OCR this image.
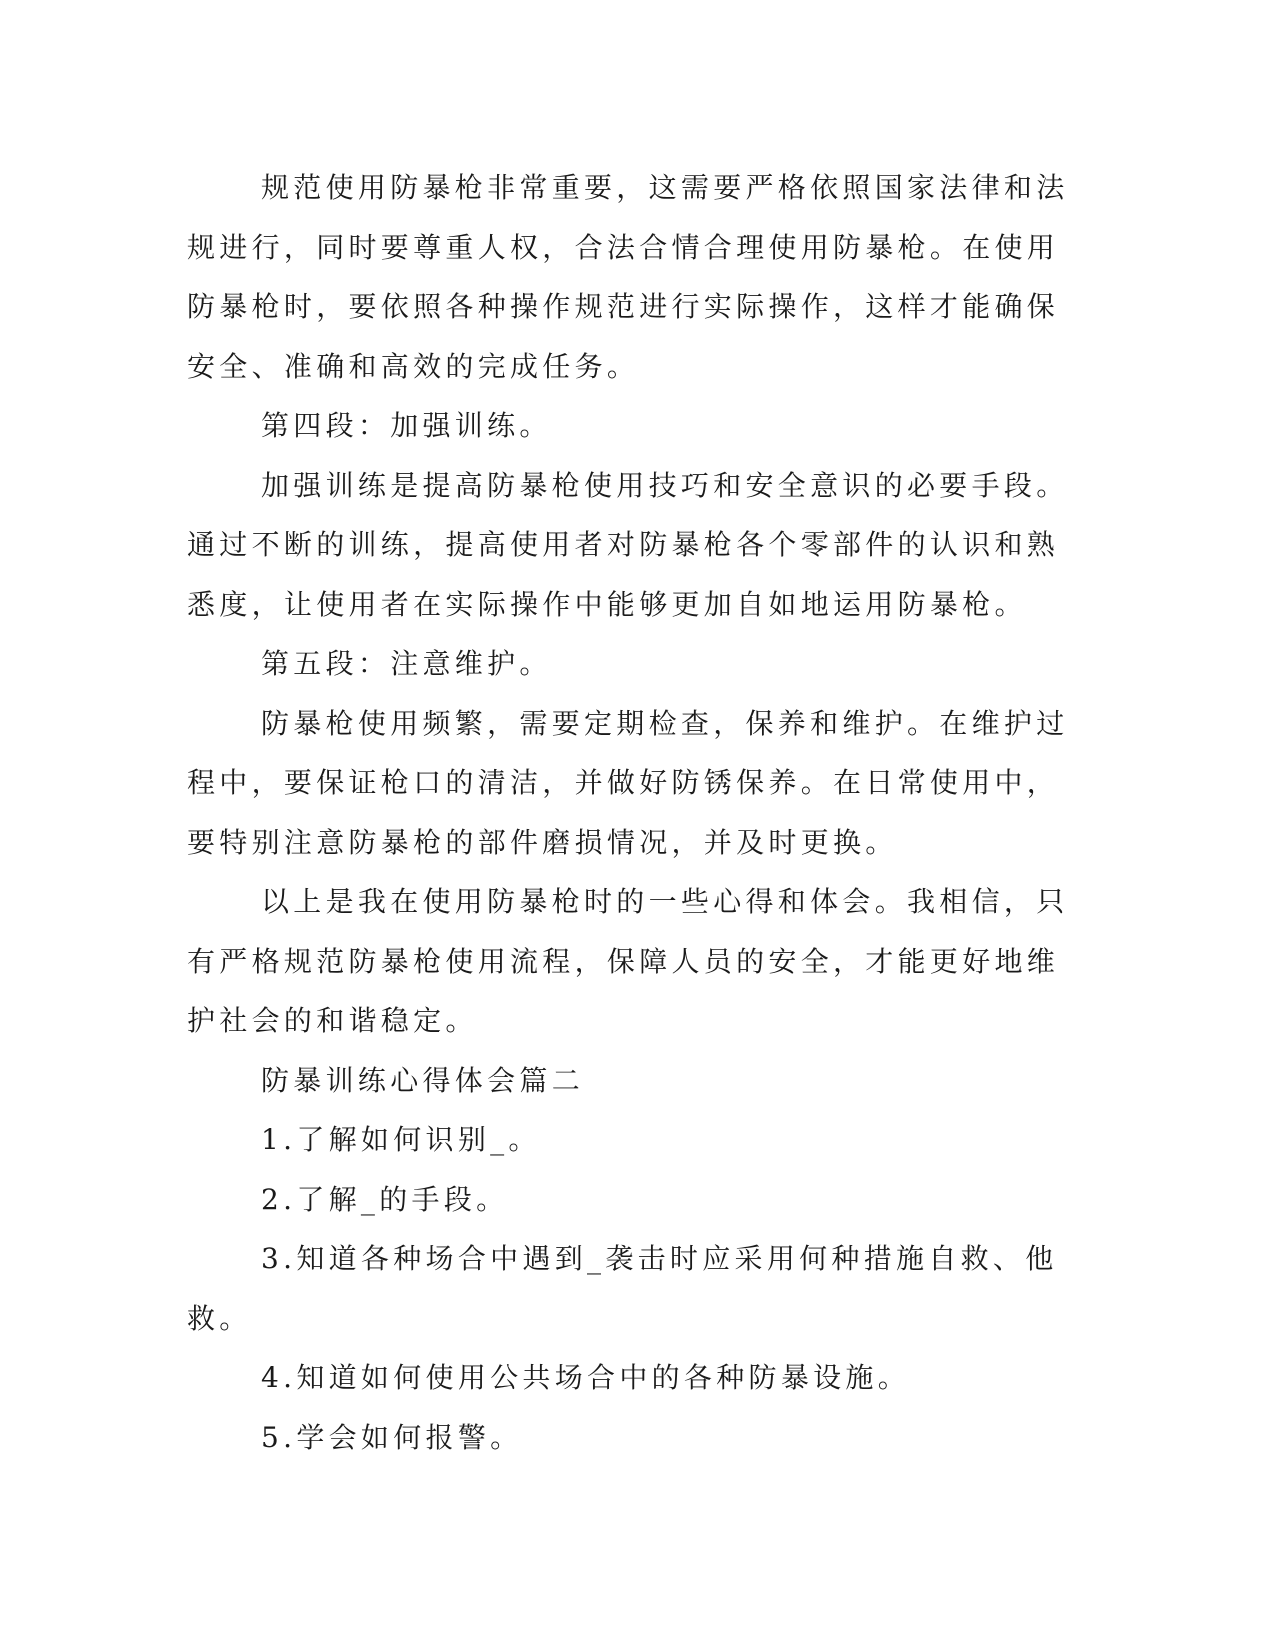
规范使用防暴枪非常重要，这需要严格依照国家法律和法规进行，同时要尊重人权，合法合情合理使用防暴枪。在使用防暴枪时，要依照各种操作规范进行实际操作，这样才能确保安全、准确和高效的完成任务。

第四段：加强训练。

加强训练是提高防暴枪使用技巧和安全意识的必要手段。通过不断的训练，提高使用者对防暴枪各个零部件的认识和熟悉度，让使用者在实际操作中能够更加自如地运用防暴枪。

第五段：注意维护。

防暴枪使用频繁，需要定期检查，保养和维护。在维护过程中，要保证枪口的清洁，并做好防锈保养。在日常使用中，要特别注意防暴枪的部件磨损情况，并及时更换。

以上是我在使用防暴枪时的一些心得和体会。我相信，只有严格规范防暴枪使用流程，保障人员的安全，才能更好地维护社会的和谐稳定。

防暴训练心得体会篇二

1.了解如何识别_。

2.了解_的手段。

3.知道各种场合中遇到_袭击时应采用何种措施自救、他救。

4.知道如何使用公共场合中的各种防暴设施。

5.学会如何报警。
